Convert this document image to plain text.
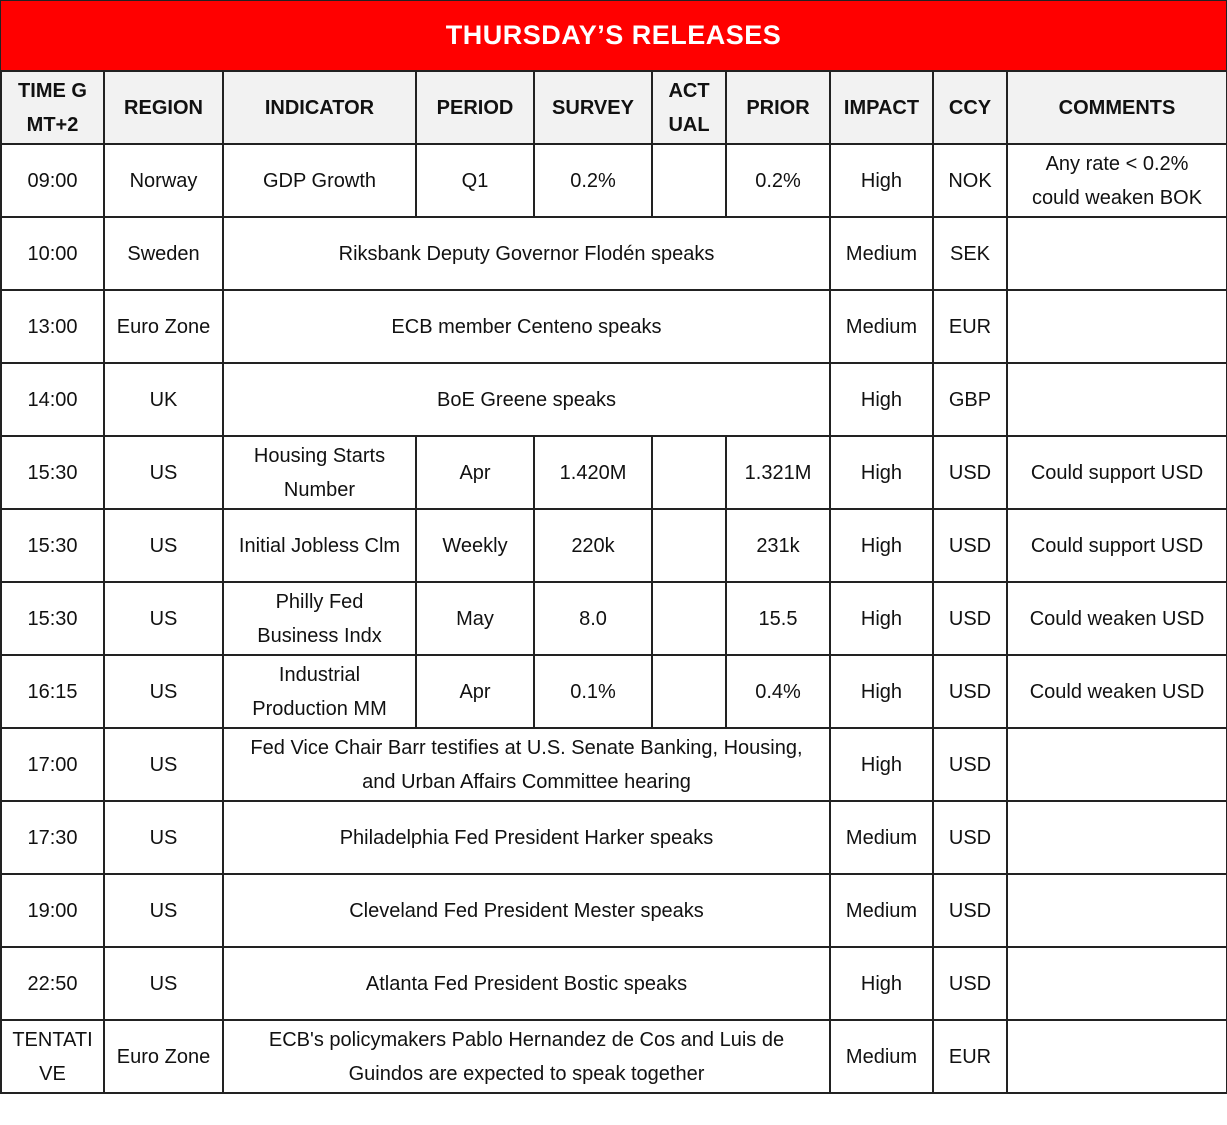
THURSDAY’S RELEASES
TIME GMT+2	REGION	INDICATOR	PERIOD	SURVEY	ACT UAL	PRIOR	IMPACT	CCY	COMMENTS
09:00	Norway	GDP Growth	Q1	0.2%		0.2%	High	NOK	Any rate < 0.2% could weaken BOK
10:00	Sweden	Riksbank Deputy Governor Flodén speaks					Medium	SEK	
13:00	Euro Zone	ECB member Centeno speaks					Medium	EUR	
14:00	UK	BoE Greene speaks					High	GBP	
15:30	US	Housing Starts Number	Apr	1.420M		1.321M	High	USD	Could support USD
15:30	US	Initial Jobless Clm	Weekly	220k		231k	High	USD	Could support USD
15:30	US	Philly Fed Business Indx	May	8.0		15.5	High	USD	Could weaken USD
16:15	US	Industrial Production MM	Apr	0.1%		0.4%	High	USD	Could weaken USD
17:00	US	Fed Vice Chair Barr testifies at U.S. Senate Banking, Housing, and Urban Affairs Committee hearing					High	USD	
17:30	US	Philadelphia Fed President Harker speaks					Medium	USD	
19:00	US	Cleveland Fed President Mester speaks					Medium	USD	
22:50	US	Atlanta Fed President Bostic speaks					High	USD	
TENTATIVE	Euro Zone	ECB's policymakers Pablo Hernandez de Cos and Luis de Guindos are expected to speak together					Medium	EUR	
